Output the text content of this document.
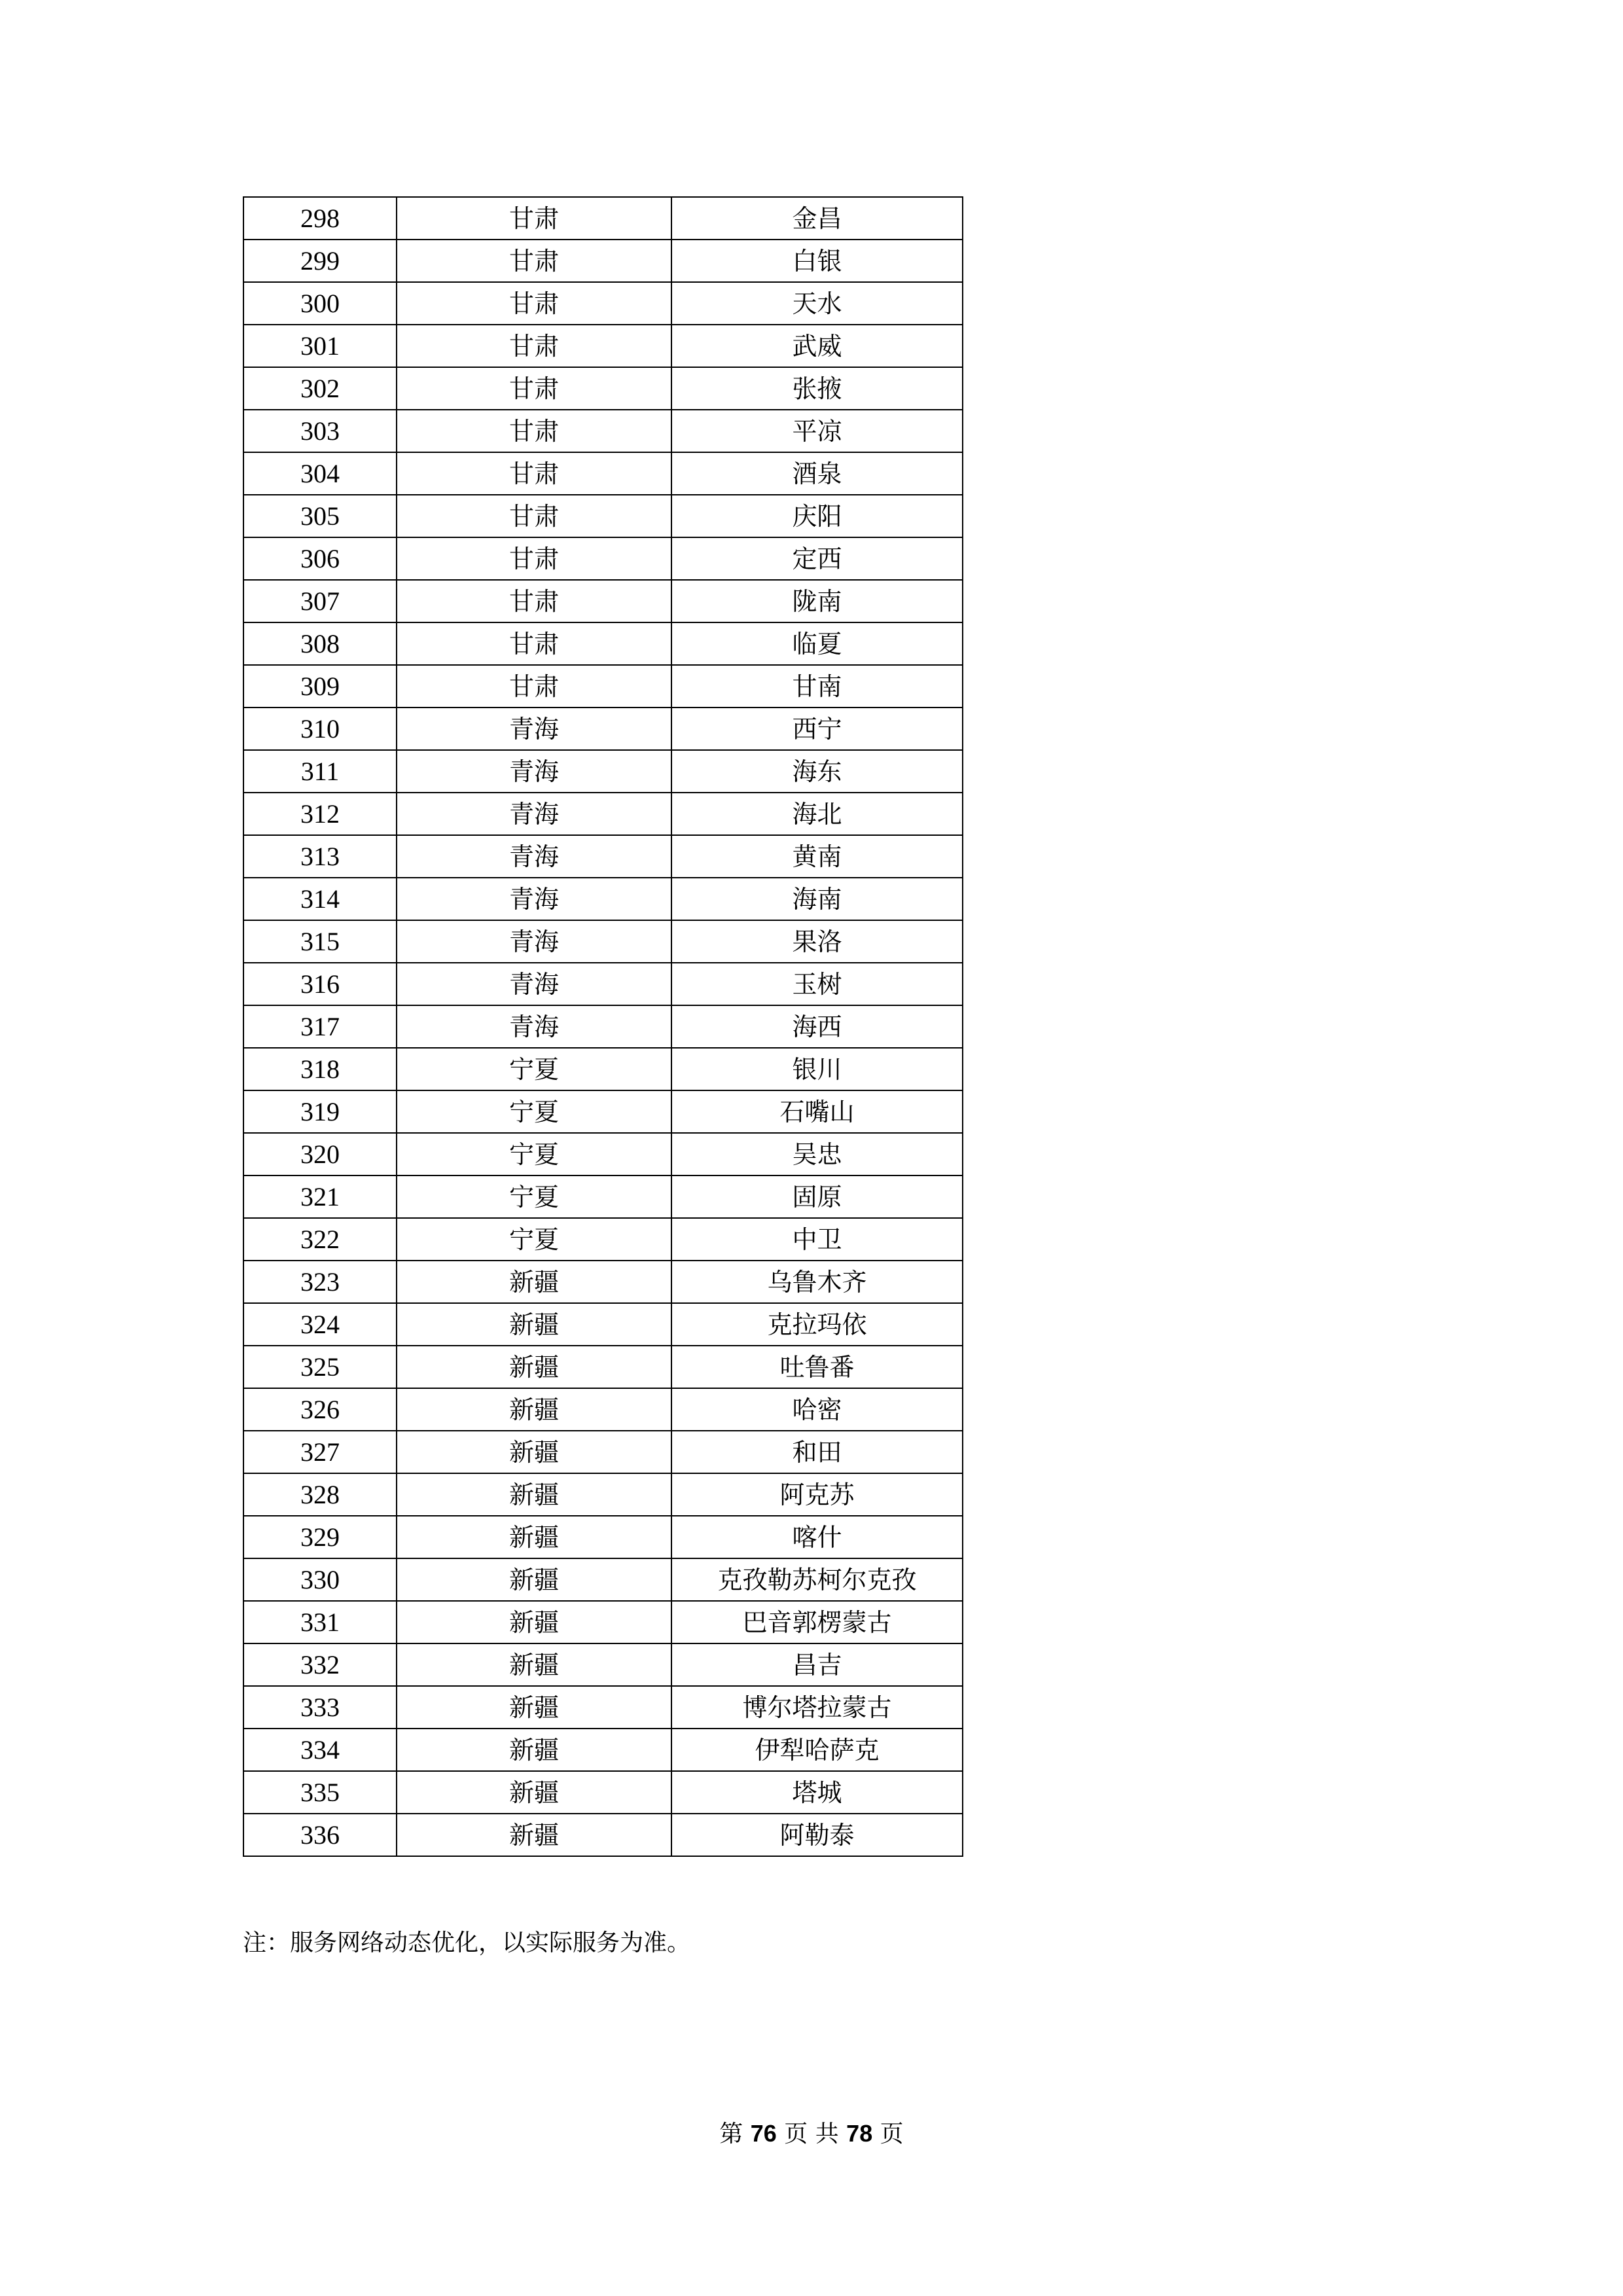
298	甘肃	金昌
299	甘肃	白银
300	甘肃	天水
301	甘肃	武威
302	甘肃	张掖
303	甘肃	平凉
304	甘肃	酒泉
305	甘肃	庆阳
306	甘肃	定西
307	甘肃	陇南
308	甘肃	临夏
309	甘肃	甘南
310	青海	西宁
311	青海	海东
312	青海	海北
313	青海	黄南
314	青海	海南
315	青海	果洛
316	青海	玉树
317	青海	海西
318	宁夏	银川
319	宁夏	石嘴山
320	宁夏	吴忠
321	宁夏	固原
322	宁夏	中卫
323	新疆	乌鲁木齐
324	新疆	克拉玛依
325	新疆	吐鲁番
326	新疆	哈密
327	新疆	和田
328	新疆	阿克苏
329	新疆	喀什
330	新疆	克孜勒苏柯尔克孜
331	新疆	巴音郭楞蒙古
332	新疆	昌吉
333	新疆	博尔塔拉蒙古
334	新疆	伊犁哈萨克
335	新疆	塔城
336	新疆	阿勒泰
注：服务网络动态优化，以实际服务为准。
第 76 页 共 78 页
